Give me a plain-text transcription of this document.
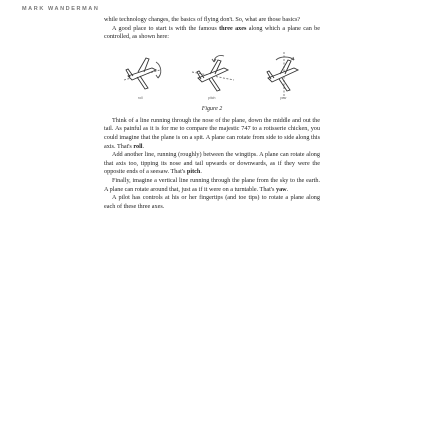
MARK WANDERMAN

while technology changes, the basics of flying don't. So, what are those basics?

A good place to start is with the famous three axes along which a plane can be controlled, as shown here:

roll	pitch	yaw
Figure 2

Think of a line running through the nose of the plane, down the middle and out the tail. As painful as it is for me to compare the majestic 747 to a rotisserie chicken, you could imagine that the plane is on a spit. A plane can rotate from side to side along this axis. That's roll.

Add another line, running (roughly) between the wingtips. A plane can rotate along that axis too, tipping its nose and tail upwards or downwards, as if they were the opposite ends of a seesaw. That's pitch.

Finally, imagine a vertical line running through the plane from the sky to the earth. A plane can rotate around that, just as if it were on a turntable. That's yaw.

A pilot has controls at his or her fingertips (and toe tips) to rotate a plane along each of these three axes.
